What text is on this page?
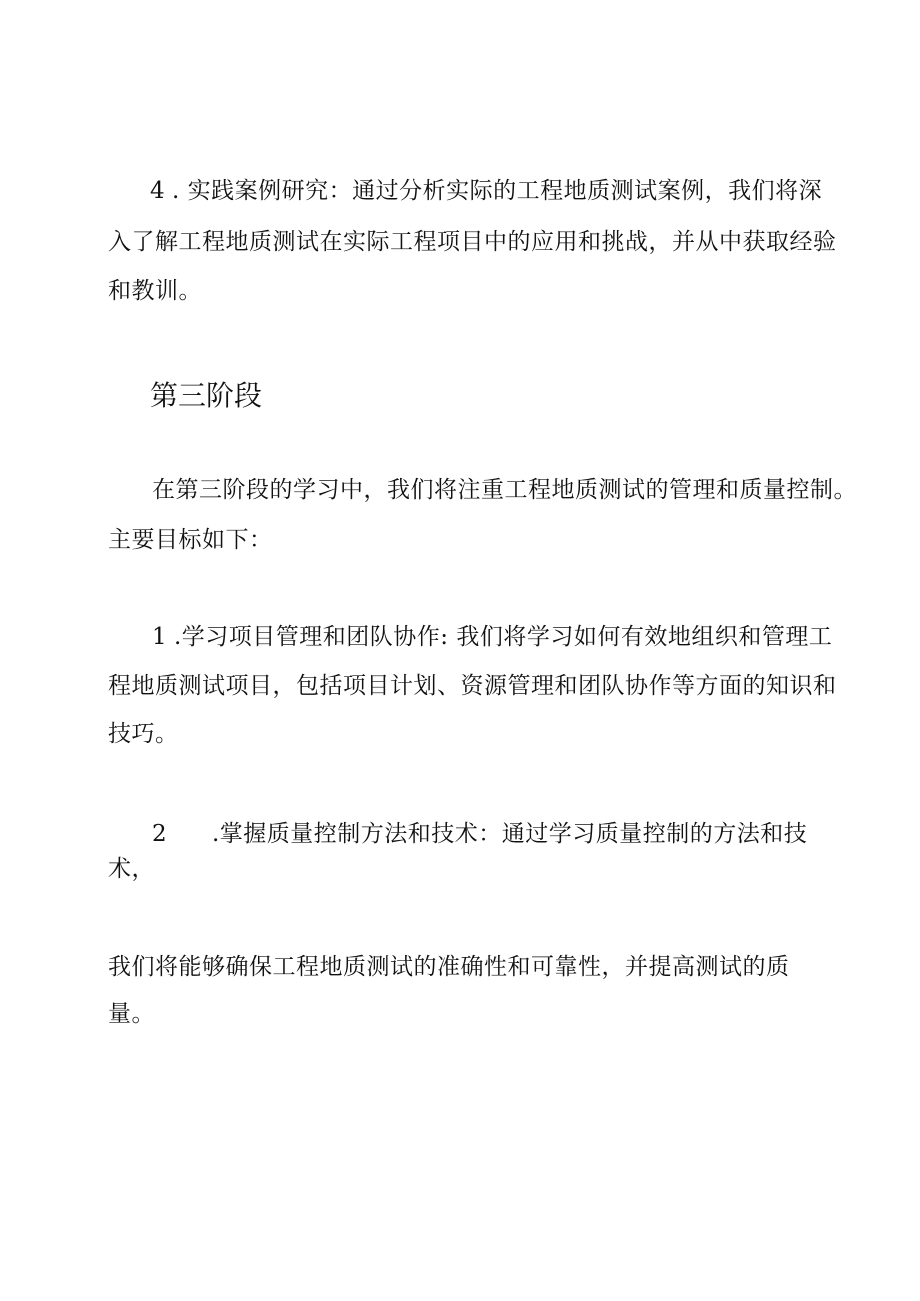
4 . 实践案例研究：通过分析实际的工程地质测试案例，我们将深
入了解工程地质测试在实际工程项目中的应用和挑战，并从中获取经验
和教训。
第三阶段
在第三阶段的学习中，我们将注重工程地质测试的管理和质量控制。
主要目标如下：
1 .学习项目管理和团队协作: 我们将学习如何有效地组织和管理工
程地质测试项目，包括项目计划、资源管理和团队协作等方面的知识和
技巧。
2 .掌握质量控制方法和技术：通过学习质量控制的方法和技
术，
我们将能够确保工程地质测试的准确性和可靠性，并提高测试的质
量。
